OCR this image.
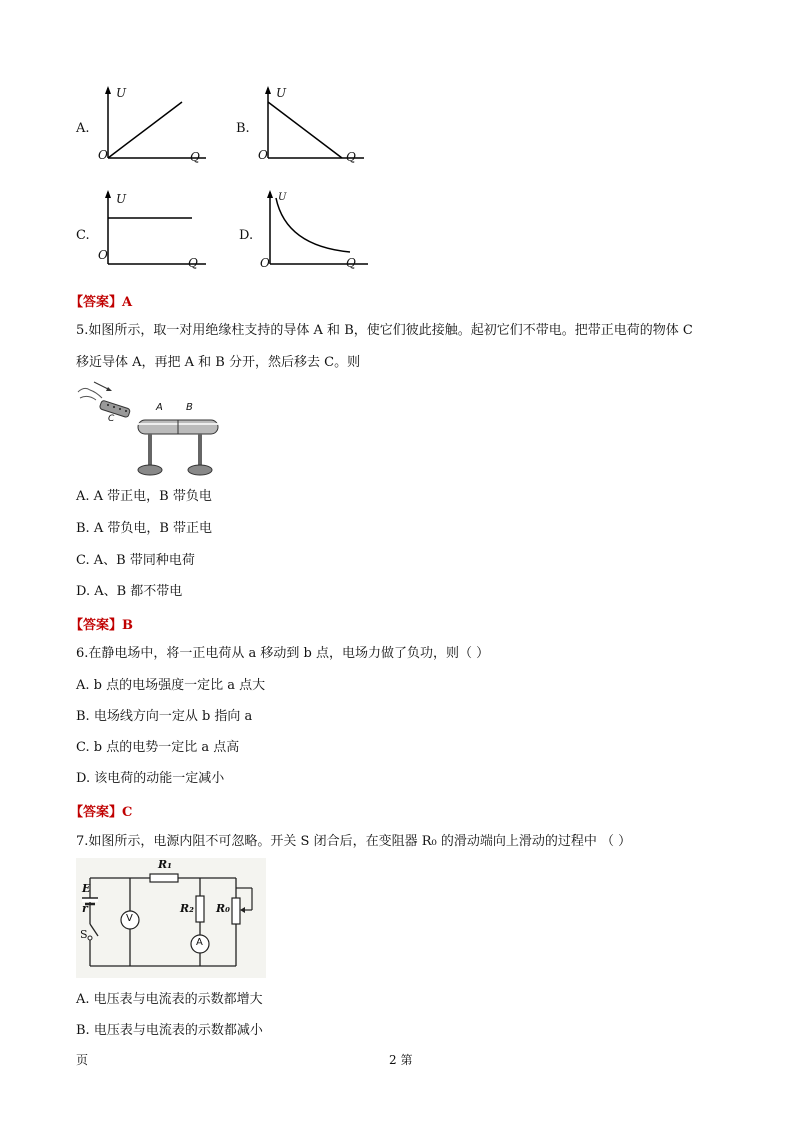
A.
U
O	Q
B.
U
O	Q
C.
U
O
Q
D.
U
O	Q
【答案】A
5.如图所示，取一对用绝缘柱支持的导体 A 和 B，使它们彼此接触。起初它们不带电。把带正电荷的物体 C
移近导体 A，再把 A 和 B 分开，然后移去 C。则
A B
C
A. A 带正电，B 带负电
B. A 带负电，B 带正电
C. A、B 带同种电荷
D. A、B 都不带电
【答案】B
6.在静电场中，将一正电荷从 a 移动到 b 点，电场力做了负功，则（ ）
A. b 点的电场强度一定比 a 点大
B. 电场线方向一定从 b 指向 a
C. b 点的电势一定比 a 点高
D. 该电荷的动能一定减小
【答案】C
7.如图所示，电源内阻不可忽略。开关 S 闭合后，在变阻器 R₀ 的滑动端向上滑动的过程中 （ ）
E
r
S
R₁
R₂ R₀
V
A
A. 电压表与电流表的示数都增大
B. 电压表与电流表的示数都减小
页	2 第
